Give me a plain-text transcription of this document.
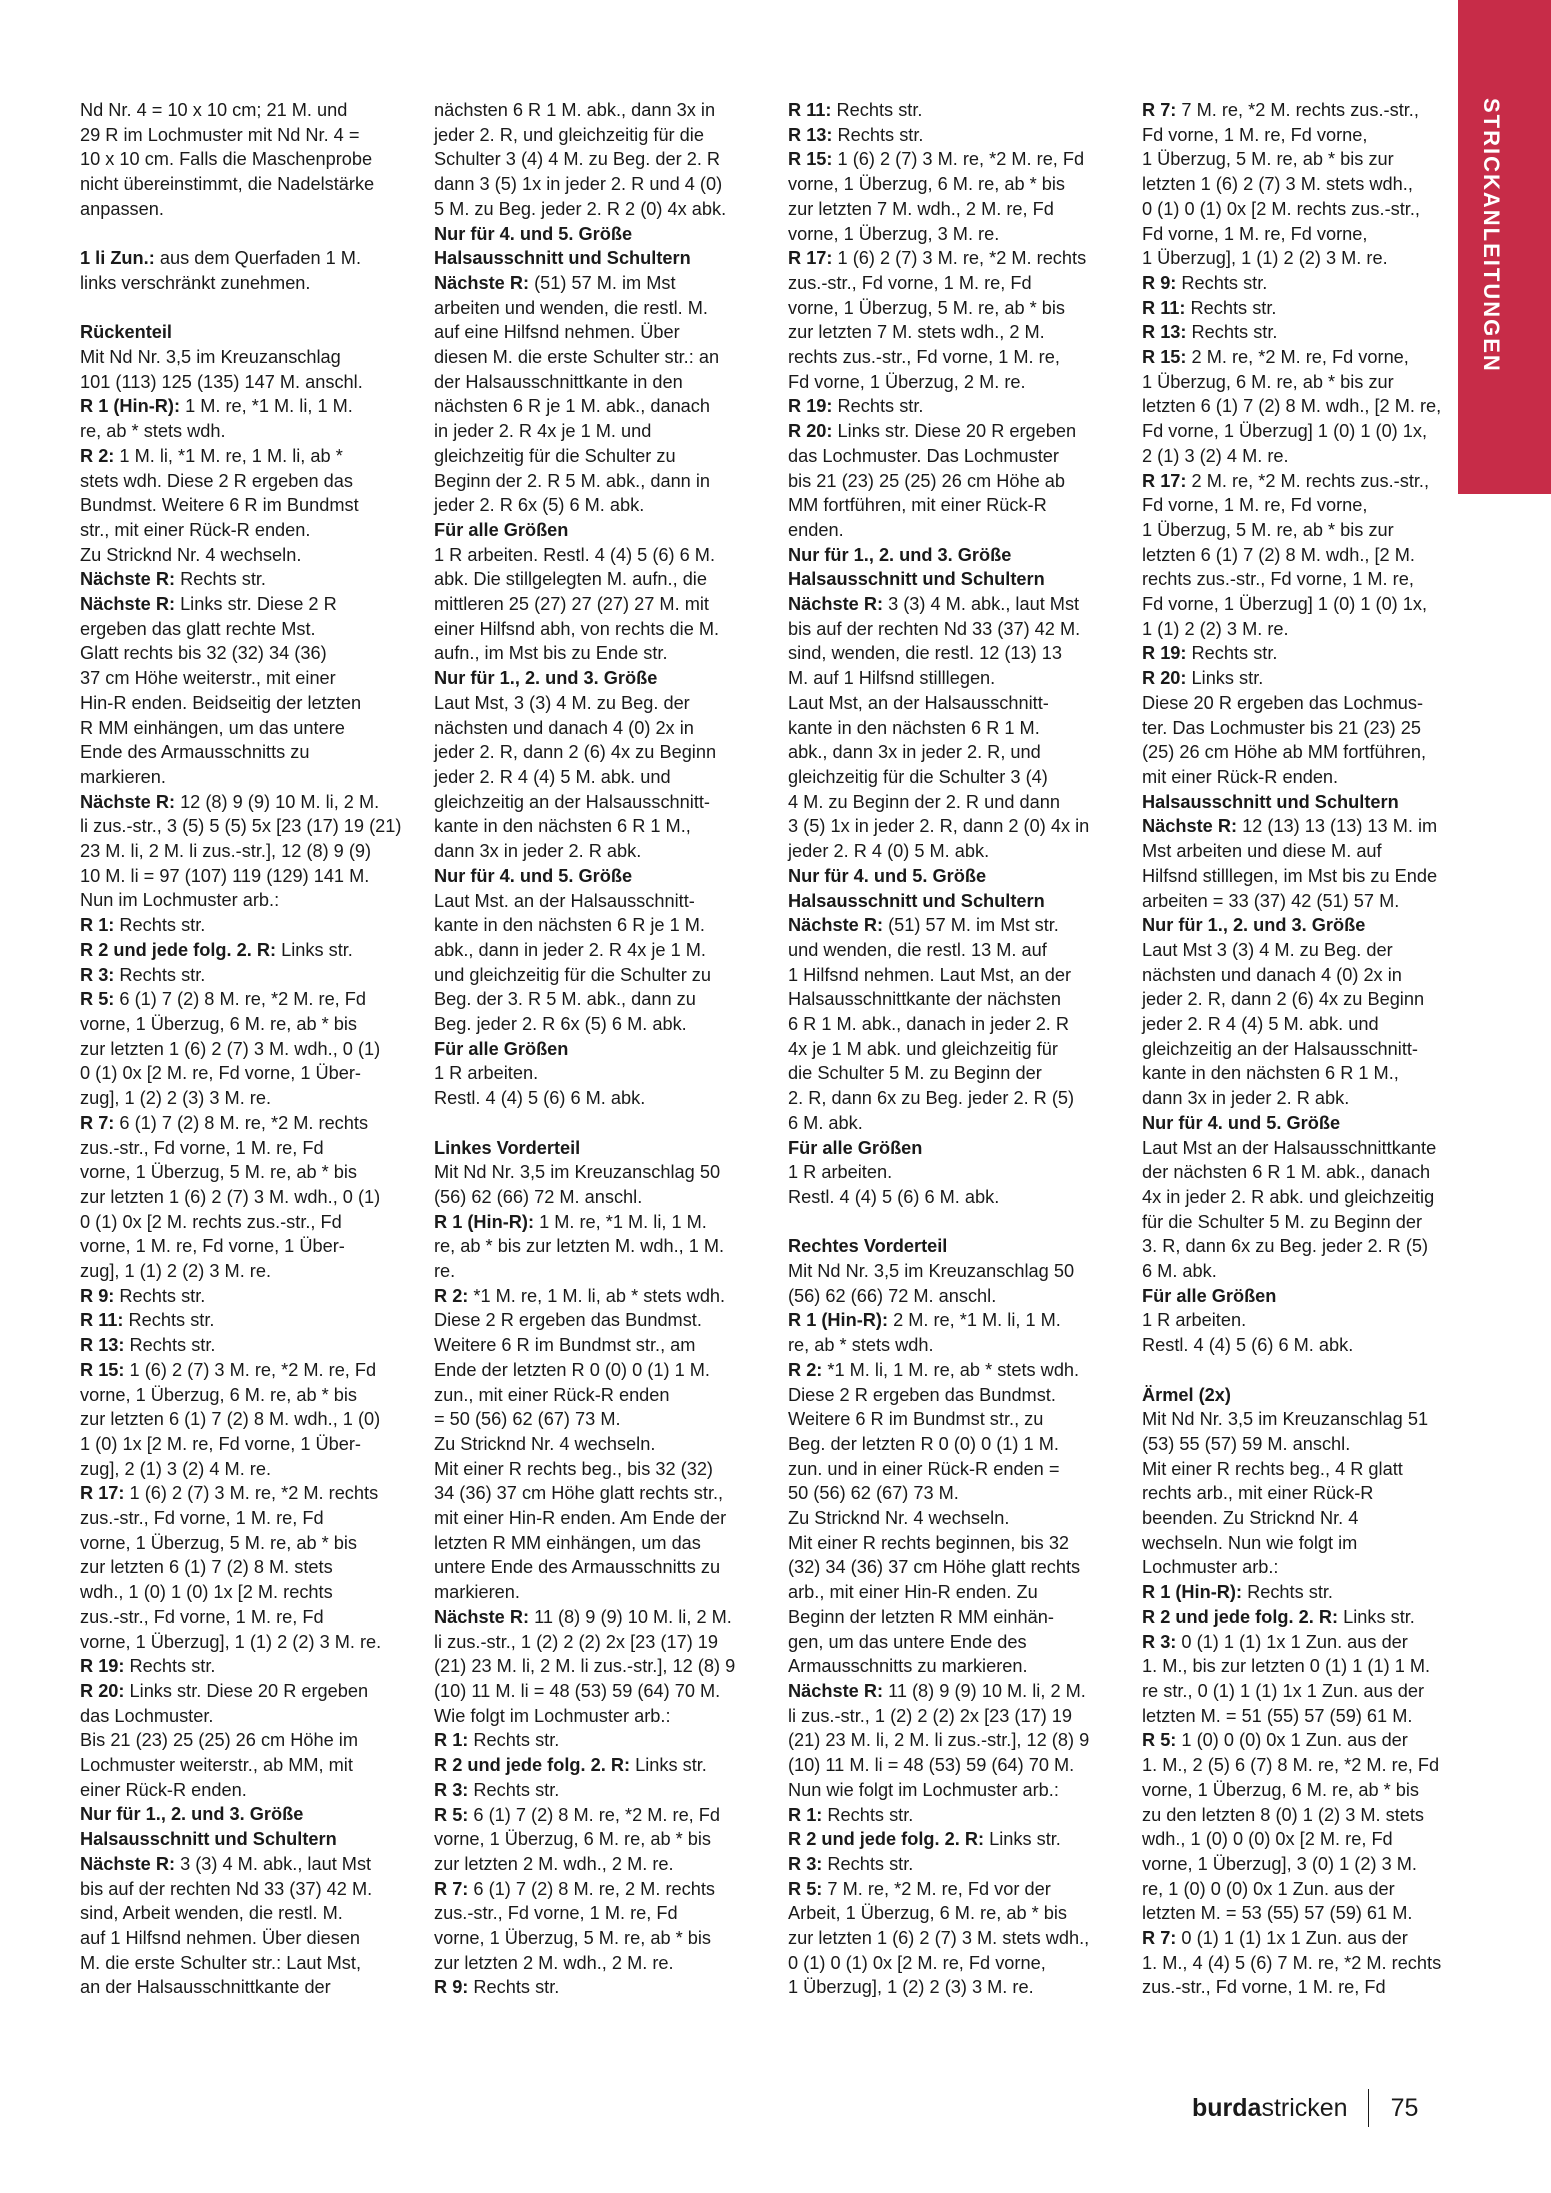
STRICKANLEITUNGEN

Nd Nr. 4 = 10 x 10 cm; 21 M. und
29 R im Lochmuster mit Nd Nr. 4 =
10 x 10 cm. Falls die Maschenprobe
nicht übereinstimmt, die Nadelstärke
anpassen.

1 li Zun.: aus dem Querfaden 1 M.
links verschränkt zunehmen.

Rückenteil

Mit Nd Nr. 3,5 im Kreuzanschlag
101 (113) 125 (135) 147 M. anschl.

R 1 (Hin-R): 1 M. re, *1 M. li, 1 M.
re, ab * stets wdh.

R 2: 1 M. li, *1 M. re, 1 M. li, ab *
stets wdh. Diese 2 R ergeben das
Bundmst. Weitere 6 R im Bundmst
str., mit einer Rück-R enden.
Zu Stricknd Nr. 4 wechseln.

Nächste R: Rechts str.

Nächste R: Links str. Diese 2 R
ergeben das glatt rechte Mst.
Glatt rechts bis 32 (32) 34 (36)
37 cm Höhe weiterstr., mit einer
Hin-R enden. Beidseitig der letzten
R MM einhängen, um das untere
Ende des Armausschnitts zu
markieren.

Nächste R: 12 (8) 9 (9) 10 M. li, 2 M.
li zus.-str., 3 (5) 5 (5) 5x [23 (17) 19 (21)
23 M. li, 2 M. li zus.-str.], 12 (8) 9 (9)
10 M. li = 97 (107) 119 (129) 141 M.
Nun im Lochmuster arb.:

R 1: Rechts str.

R 2 und jede folg. 2. R: Links str.

R 3: Rechts str.

R 5: 6 (1) 7 (2) 8 M. re, *2 M. re, Fd
vorne, 1 Überzug, 6 M. re, ab * bis
zur letzten 1 (6) 2 (7) 3 M. wdh., 0 (1)
0 (1) 0x [2 M. re, Fd vorne, 1 Über-
zug], 1 (2) 2 (3) 3 M. re.

R 7: 6 (1) 7 (2) 8 M. re, *2 M. rechts
zus.-str., Fd vorne, 1 M. re, Fd
vorne, 1 Überzug, 5 M. re, ab * bis
zur letzten 1 (6) 2 (7) 3 M. wdh., 0 (1)
0 (1) 0x [2 M. rechts zus.-str., Fd
vorne, 1 M. re, Fd vorne, 1 Über-
zug], 1 (1) 2 (2) 3 M. re.

R 9: Rechts str.

R 11: Rechts str.

R 13: Rechts str.

R 15: 1 (6) 2 (7) 3 M. re, *2 M. re, Fd
vorne, 1 Überzug, 6 M. re, ab * bis
zur letzten 6 (1) 7 (2) 8 M. wdh., 1 (0)
1 (0) 1x [2 M. re, Fd vorne, 1 Über-
zug], 2 (1) 3 (2) 4 M. re.

R 17: 1 (6) 2 (7) 3 M. re, *2 M. rechts
zus.-str., Fd vorne, 1 M. re, Fd
vorne, 1 Überzug, 5 M. re, ab * bis
zur letzten 6 (1) 7 (2) 8 M. stets
wdh., 1 (0) 1 (0) 1x [2 M. rechts
zus.-str., Fd vorne, 1 M. re, Fd
vorne, 1 Überzug], 1 (1) 2 (2) 3 M. re.

R 19: Rechts str.

R 20: Links str. Diese 20 R ergeben
das Lochmuster.
Bis 21 (23) 25 (25) 26 cm Höhe im
Lochmuster weiterstr., ab MM, mit
einer Rück-R enden.

Nur für 1., 2. und 3. Größe
Halsausschnitt und Schultern

Nächste R: 3 (3) 4 M. abk., laut Mst
bis auf der rechten Nd 33 (37) 42 M.
sind, Arbeit wenden, die restl. M.
auf 1 Hilfsnd nehmen. Über diesen
M. die erste Schulter str.: Laut Mst,
an der Halsausschnittkante der

nächsten 6 R 1 M. abk., dann 3x in
jeder 2. R, und gleichzeitig für die
Schulter 3 (4) 4 M. zu Beg. der 2. R
dann 3 (5) 1x in jeder 2. R und 4 (0)
5 M. zu Beg. jeder 2. R 2 (0) 4x abk.

Nur für 4. und 5. Größe
Halsausschnitt und Schultern

Nächste R: (51) 57 M. im Mst
arbeiten und wenden, die restl. M.
auf eine Hilfsnd nehmen. Über
diesen M. die erste Schulter str.: an
der Halsausschnittkante in den
nächsten 6 R je 1 M. abk., danach
in jeder 2. R 4x je 1 M. und
gleichzeitig für die Schulter zu
Beginn der 2. R 5 M. abk., dann in
jeder 2. R 6x (5) 6 M. abk.

Für alle Größen

1 R arbeiten. Restl. 4 (4) 5 (6) 6 M.
abk. Die stillgelegten M. aufn., die
mittleren 25 (27) 27 (27) 27 M. mit
einer Hilfsnd abh, von rechts die M.
aufn., im Mst bis zu Ende str.

Nur für 1., 2. und 3. Größe

Laut Mst, 3 (3) 4 M. zu Beg. der
nächsten und danach 4 (0) 2x in
jeder 2. R, dann 2 (6) 4x zu Beginn
jeder 2. R 4 (4) 5 M. abk. und
gleichzeitig an der Halsausschnitt-
kante in den nächsten 6 R 1 M.,
dann 3x in jeder 2. R abk.

Nur für 4. und 5. Größe

Laut Mst. an der Halsausschnitt-
kante in den nächsten 6 R je 1 M.
abk., dann in jeder 2. R 4x je 1 M.
und gleichzeitig für die Schulter zu
Beg. der 3. R 5 M. abk., dann zu
Beg. jeder 2. R 6x (5) 6 M. abk.

Für alle Größen

1 R arbeiten.
Restl. 4 (4) 5 (6) 6 M. abk.

Linkes Vorderteil

Mit Nd Nr. 3,5 im Kreuzanschlag 50
(56) 62 (66) 72 M. anschl.

R 1 (Hin-R): 1 M. re, *1 M. li, 1 M.
re, ab * bis zur letzten M. wdh., 1 M.
re.

R 2: *1 M. re, 1 M. li, ab * stets wdh.
Diese 2 R ergeben das Bundmst.
Weitere 6 R im Bundmst str., am
Ende der letzten R 0 (0) 0 (1) 1 M.
zun., mit einer Rück-R enden
= 50 (56) 62 (67) 73 M.
Zu Stricknd Nr. 4 wechseln.
Mit einer R rechts beg., bis 32 (32)
34 (36) 37 cm Höhe glatt rechts str.,
mit einer Hin-R enden. Am Ende der
letzten R MM einhängen, um das
untere Ende des Armausschnitts zu
markieren.

Nächste R: 11 (8) 9 (9) 10 M. li, 2 M.
li zus.-str., 1 (2) 2 (2) 2x [23 (17) 19
(21) 23 M. li, 2 M. li zus.-str.], 12 (8) 9
(10) 11 M. li = 48 (53) 59 (64) 70 M.
Wie folgt im Lochmuster arb.:

R 1: Rechts str.

R 2 und jede folg. 2. R: Links str.

R 3: Rechts str.

R 5: 6 (1) 7 (2) 8 M. re, *2 M. re, Fd
vorne, 1 Überzug, 6 M. re, ab * bis
zur letzten 2 M. wdh., 2 M. re.

R 7: 6 (1) 7 (2) 8 M. re, 2 M. rechts
zus.-str., Fd vorne, 1 M. re, Fd
vorne, 1 Überzug, 5 M. re, ab * bis
zur letzten 2 M. wdh., 2 M. re.

R 9: Rechts str.

R 11: Rechts str.

R 13: Rechts str.

R 15: 1 (6) 2 (7) 3 M. re, *2 M. re, Fd
vorne, 1 Überzug, 6 M. re, ab * bis
zur letzten 7 M. wdh., 2 M. re, Fd
vorne, 1 Überzug, 3 M. re.

R 17: 1 (6) 2 (7) 3 M. re, *2 M. rechts
zus.-str., Fd vorne, 1 M. re, Fd
vorne, 1 Überzug, 5 M. re, ab * bis
zur letzten 7 M. stets wdh., 2 M.
rechts zus.-str., Fd vorne, 1 M. re,
Fd vorne, 1 Überzug, 2 M. re.

R 19: Rechts str.

R 20: Links str. Diese 20 R ergeben
das Lochmuster. Das Lochmuster
bis 21 (23) 25 (25) 26 cm Höhe ab
MM fortführen, mit einer Rück-R
enden.

Nur für 1., 2. und 3. Größe
Halsausschnitt und Schultern

Nächste R: 3 (3) 4 M. abk., laut Mst
bis auf der rechten Nd 33 (37) 42 M.
sind, wenden, die restl. 12 (13) 13
M. auf 1 Hilfsnd stilllegen.
Laut Mst, an der Halsausschnitt-
kante in den nächsten 6 R 1 M.
abk., dann 3x in jeder 2. R, und
gleichzeitig für die Schulter 3 (4)
4 M. zu Beginn der 2. R und dann
3 (5) 1x in jeder 2. R, dann 2 (0) 4x in
jeder 2. R 4 (0) 5 M. abk.

Nur für 4. und 5. Größe
Halsausschnitt und Schultern

Nächste R: (51) 57 M. im Mst str.
und wenden, die restl. 13 M. auf
1 Hilfsnd nehmen. Laut Mst, an der
Halsausschnittkante der nächsten
6 R 1 M. abk., danach in jeder 2. R
4x je 1 M abk. und gleichzeitig für
die Schulter 5 M. zu Beginn der
2. R, dann 6x zu Beg. jeder 2. R (5)
6 M. abk.

Für alle Größen

1 R arbeiten.
Restl. 4 (4) 5 (6) 6 M. abk.

Rechtes Vorderteil

Mit Nd Nr. 3,5 im Kreuzanschlag 50
(56) 62 (66) 72 M. anschl.

R 1 (Hin-R): 2 M. re, *1 M. li, 1 M.
re, ab * stets wdh.

R 2: *1 M. li, 1 M. re, ab * stets wdh.
Diese 2 R ergeben das Bundmst.
Weitere 6 R im Bundmst str., zu
Beg. der letzten R 0 (0) 0 (1) 1 M.
zun. und in einer Rück-R enden =
50 (56) 62 (67) 73 M.
Zu Stricknd Nr. 4 wechseln.
Mit einer R rechts beginnen, bis 32
(32) 34 (36) 37 cm Höhe glatt rechts
arb., mit einer Hin-R enden. Zu
Beginn der letzten R MM einhän-
gen, um das untere Ende des
Armausschnitts zu markieren.

Nächste R: 11 (8) 9 (9) 10 M. li, 2 M.
li zus.-str., 1 (2) 2 (2) 2x [23 (17) 19
(21) 23 M. li, 2 M. li zus.-str.], 12 (8) 9
(10) 11 M. li = 48 (53) 59 (64) 70 M.
Nun wie folgt im Lochmuster arb.:

R 1: Rechts str.

R 2 und jede folg. 2. R: Links str.

R 3: Rechts str.

R 5: 7 M. re, *2 M. re, Fd vor der
Arbeit, 1 Überzug, 6 M. re, ab * bis
zur letzten 1 (6) 2 (7) 3 M. stets wdh.,
0 (1) 0 (1) 0x [2 M. re, Fd vorne,
1 Überzug], 1 (2) 2 (3) 3 M. re.

R 7: 7 M. re, *2 M. rechts zus.-str.,
Fd vorne, 1 M. re, Fd vorne,
1 Überzug, 5 M. re, ab * bis zur
letzten 1 (6) 2 (7) 3 M. stets wdh.,
0 (1) 0 (1) 0x [2 M. rechts zus.-str.,
Fd vorne, 1 M. re, Fd vorne,
1 Überzug], 1 (1) 2 (2) 3 M. re.

R 9: Rechts str.

R 11: Rechts str.

R 13: Rechts str.

R 15: 2 M. re, *2 M. re, Fd vorne,
1 Überzug, 6 M. re, ab * bis zur
letzten 6 (1) 7 (2) 8 M. wdh., [2 M. re,
Fd vorne, 1 Überzug] 1 (0) 1 (0) 1x,
2 (1) 3 (2) 4 M. re.

R 17: 2 M. re, *2 M. rechts zus.-str.,
Fd vorne, 1 M. re, Fd vorne,
1 Überzug, 5 M. re, ab * bis zur
letzten 6 (1) 7 (2) 8 M. wdh., [2 M.
rechts zus.-str., Fd vorne, 1 M. re,
Fd vorne, 1 Überzug] 1 (0) 1 (0) 1x,
1 (1) 2 (2) 3 M. re.

R 19: Rechts str.

R 20: Links str.

Diese 20 R ergeben das Lochmus-
ter. Das Lochmuster bis 21 (23) 25
(25) 26 cm Höhe ab MM fortführen,
mit einer Rück-R enden.

Halsausschnitt und Schultern

Nächste R: 12 (13) 13 (13) 13 M. im
Mst arbeiten und diese M. auf
Hilfsnd stilllegen, im Mst bis zu Ende
arbeiten = 33 (37) 42 (51) 57 M.

Nur für 1., 2. und 3. Größe

Laut Mst 3 (3) 4 M. zu Beg. der
nächsten und danach 4 (0) 2x in
jeder 2. R, dann 2 (6) 4x zu Beginn
jeder 2. R 4 (4) 5 M. abk. und
gleichzeitig an der Halsausschnitt-
kante in den nächsten 6 R 1 M.,
dann 3x in jeder 2. R abk.

Nur für 4. und 5. Größe

Laut Mst an der Halsausschnittkante
der nächsten 6 R 1 M. abk., danach
4x in jeder 2. R abk. und gleichzeitig
für die Schulter 5 M. zu Beginn der
3. R, dann 6x zu Beg. jeder 2. R (5)
6 M. abk.

Für alle Größen

1 R arbeiten.
Restl. 4 (4) 5 (6) 6 M. abk.

Ärmel (2x)

Mit Nd Nr. 3,5 im Kreuzanschlag 51
(53) 55 (57) 59 M. anschl.
Mit einer R rechts beg., 4 R glatt
rechts arb., mit einer Rück-R
beenden. Zu Stricknd Nr. 4
wechseln. Nun wie folgt im
Lochmuster arb.:

R 1 (Hin-R): Rechts str.

R 2 und jede folg. 2. R: Links str.

R 3: 0 (1) 1 (1) 1x 1 Zun. aus der
1. M., bis zur letzten 0 (1) 1 (1) 1 M.
re str., 0 (1) 1 (1) 1x 1 Zun. aus der
letzten M. = 51 (55) 57 (59) 61 M.

R 5: 1 (0) 0 (0) 0x 1 Zun. aus der
1. M., 2 (5) 6 (7) 8 M. re, *2 M. re, Fd
vorne, 1 Überzug, 6 M. re, ab * bis
zu den letzten 8 (0) 1 (2) 3 M. stets
wdh., 1 (0) 0 (0) 0x [2 M. re, Fd
vorne, 1 Überzug], 3 (0) 1 (2) 3 M.
re, 1 (0) 0 (0) 0x 1 Zun. aus der
letzten M. = 53 (55) 57 (59) 61 M.

R 7: 0 (1) 1 (1) 1x 1 Zun. aus der
1. M., 4 (4) 5 (6) 7 M. re, *2 M. rechts
zus.-str., Fd vorne, 1 M. re, Fd

burdastricken 75
